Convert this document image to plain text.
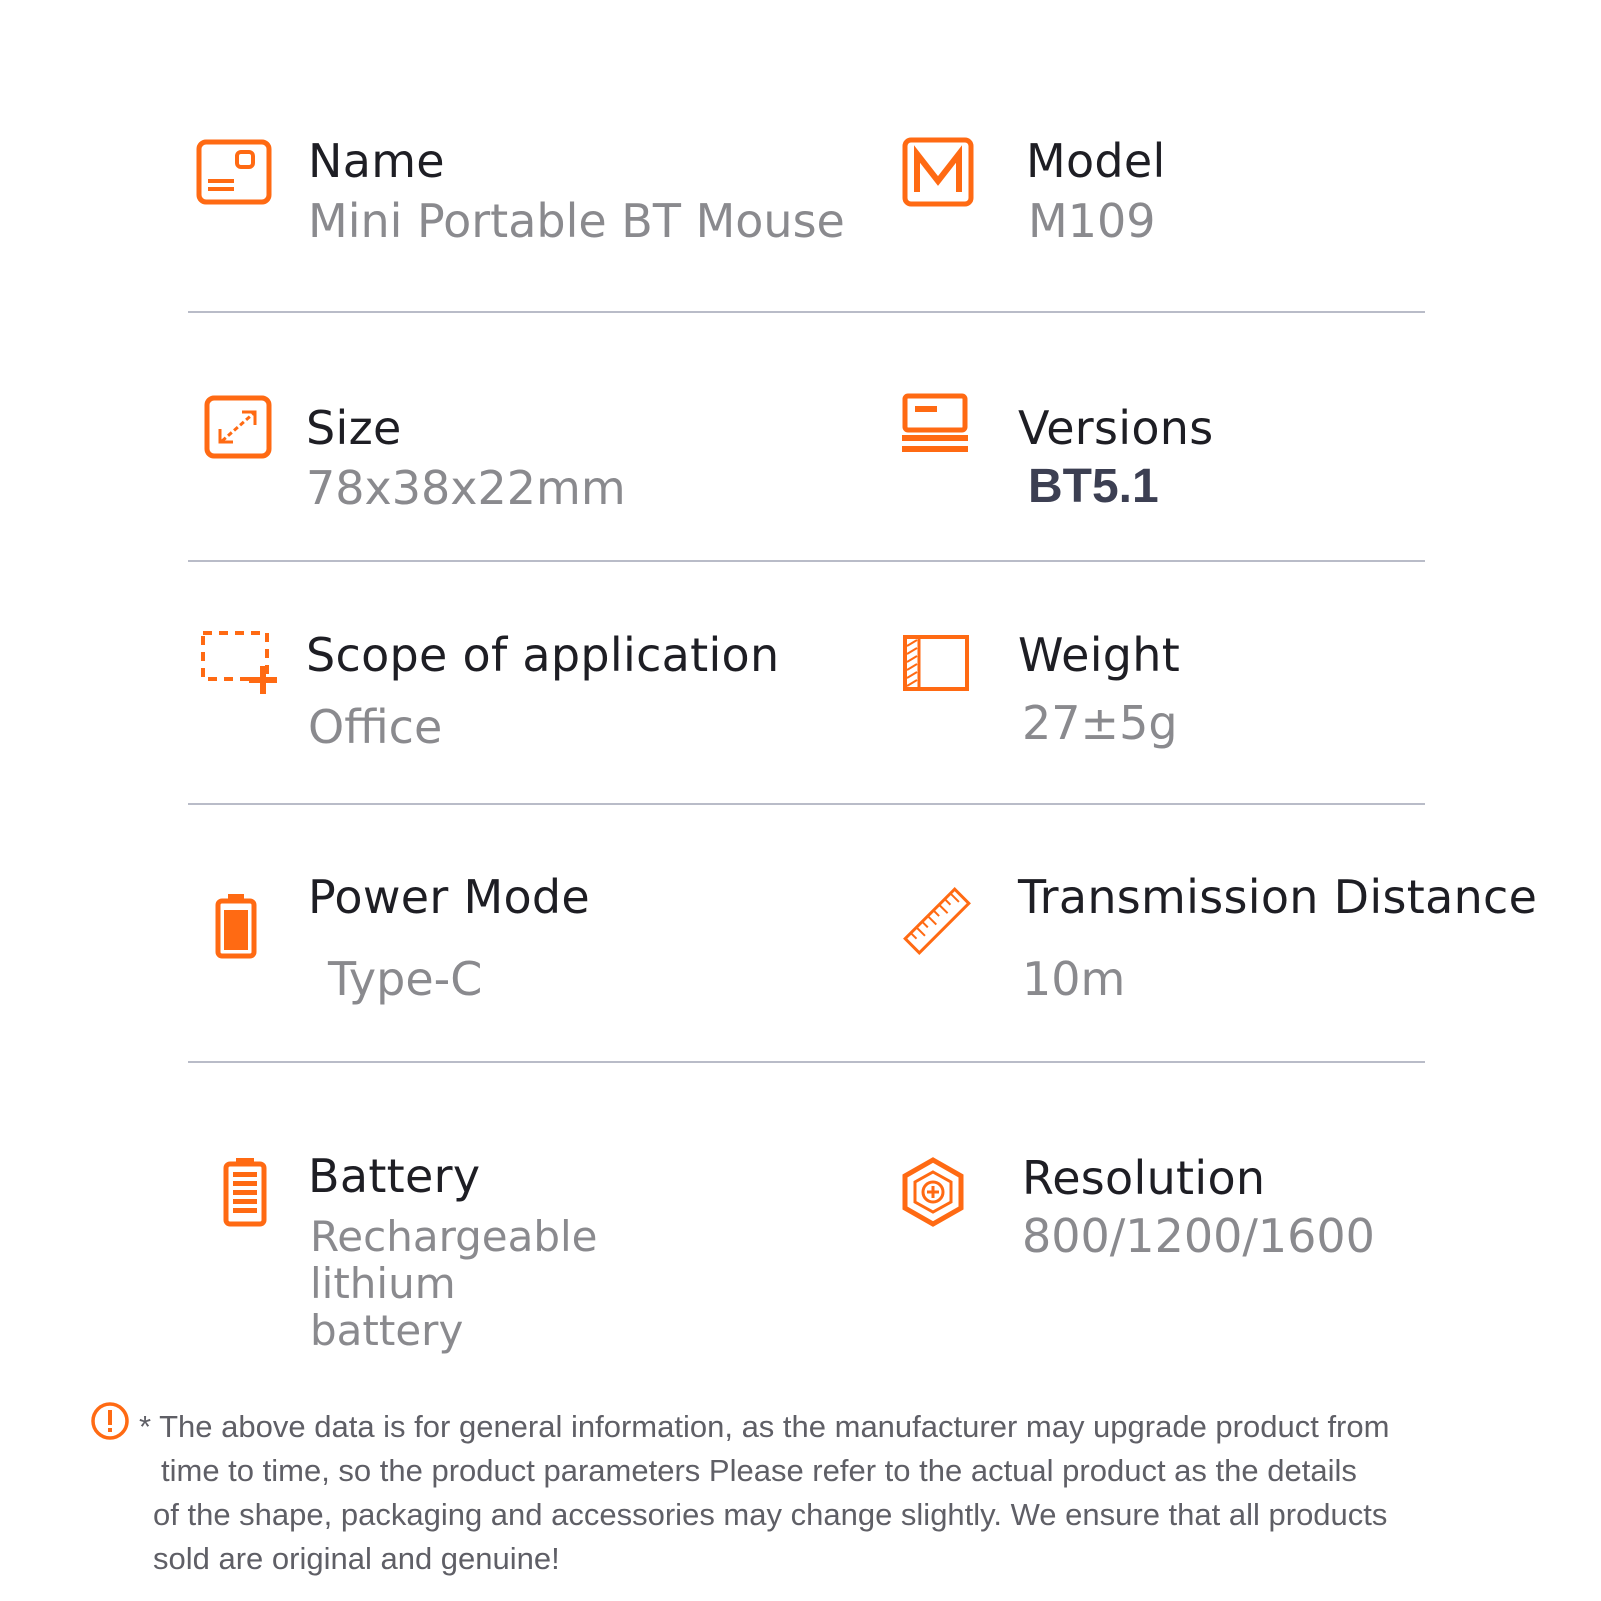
Name
Mini Portable BT Mouse
Model
M109
Size
78x38x22mm
Versions
BT5.1
Scope of application
Office
Weight
27±5g
Power Mode
Type-C
Transmission Distance
10m
Battery
Rechargeable lithium battery
Resolution
800/1200/1600

* The above data is for general information, as the manufacturer may upgrade product from
time to time, so the product parameters Please refer to the actual product as the details
of the shape, packaging and accessories may change slightly. We ensure that all products
sold are original and genuine!
